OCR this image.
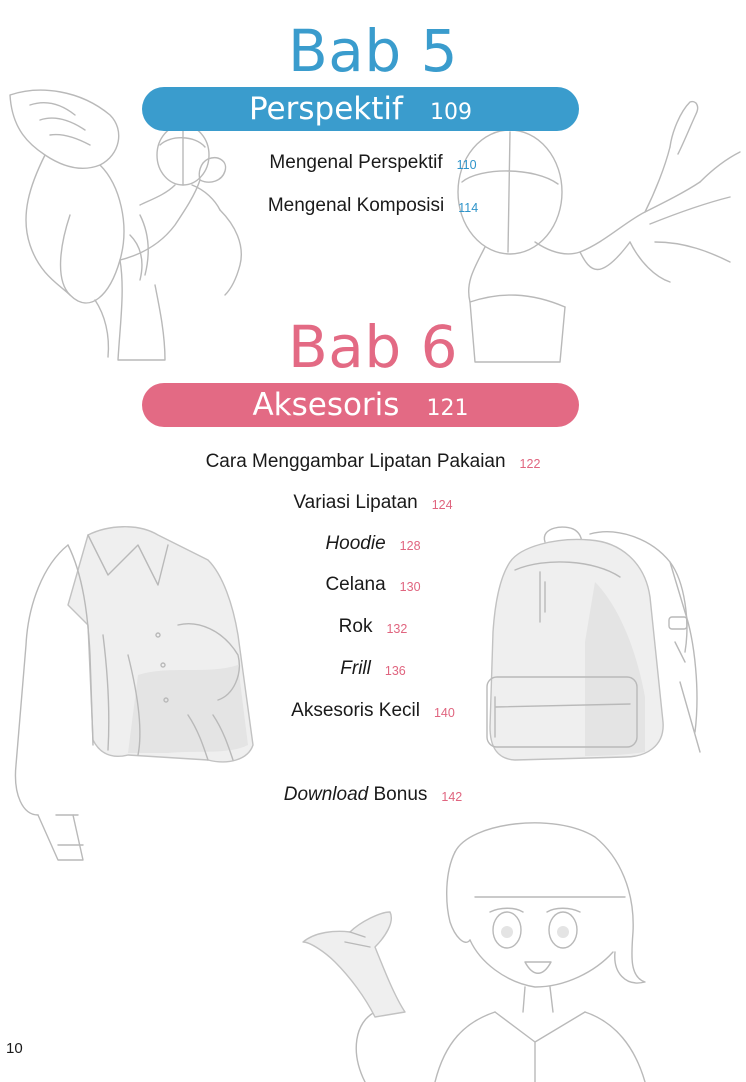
Bab 5
Perspektif 109
Mengenal Perspektif 110
Mengenal Komposisi 114
Bab 6
Aksesoris 121
Cara Menggambar Lipatan Pakaian 122
Variasi Lipatan 124
Hoodie 128
Celana 130
Rok 132
Frill 136
Aksesoris Kecil 140
Download Bonus 142
10
